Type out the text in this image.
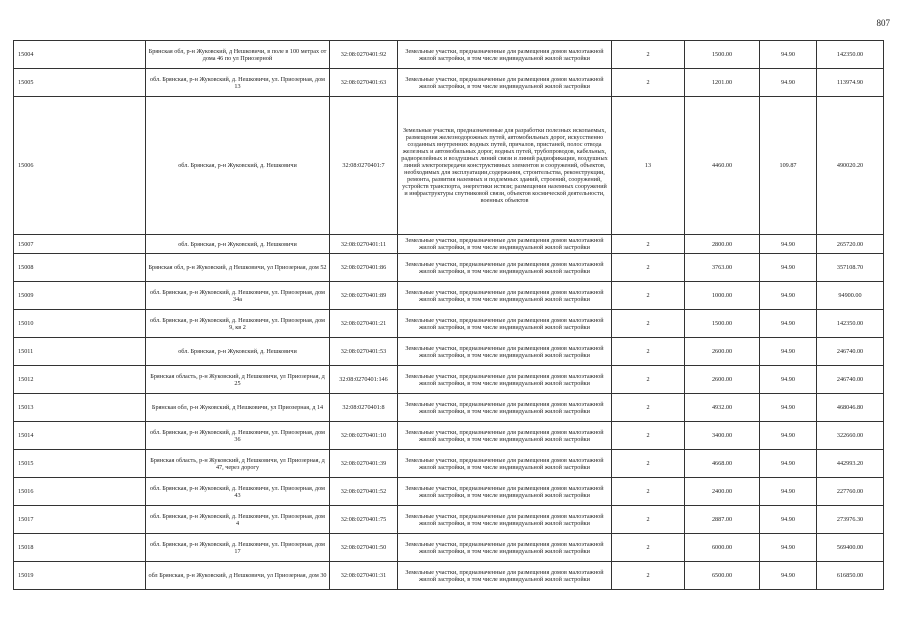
807
15004	Брянская обл, р-н Жуковский, д Нешковичи, в поле в 100 метрах от дома 46 по ул Приозерной	32:08:0270401:92	Земельные участки, предназначенные для размещения домов малоэтажной жилой застройки, в том числе индивидуальной жилой застройки	2	1500.00	94.90	142350.00
15005	обл. Брянская, р-н Жуковский, д. Нешковичи, ул. Приозерная, дом 13	32:08:0270401:63	Земельные участки, предназначенные для размещения домов малоэтажной жилой застройки, в том числе индивидуальной жилой застройки	2	1201.00	94.90	113974.90
15006	обл. Брянская, р-н Жуковский, д. Нешковичи	32:08:0270401:7	Земельные участки, предназначенные для разработки полезных ископаемых, размещения железнодорожных путей, автомобильных дорог, искусственно созданных внутренних водных путей, причалов, пристаней, полос отвода железных и автомобильных дорог, водных путей, трубопроводов, кабельных, радиорелейных и воздушных линий связи и линий радиофикации, воздушных линий электропередачи конструктивных элементов и сооружений, объектов, необходимых для эксплуатации,содержания, строительства, реконструкции, ремонта, развития наземных и подземных зданий, строений, сооружений, устройств транспорта, энергетики истязи; размещения наземных сооружений и инфраструктуры спутниковой связи, объектов космической деятельности, военных объектов	13	4460.00	109.87	490020.20
15007	обл. Брянская, р-н Жуковский, д. Нешковичи	32:08:0270401:11	Земельные участки, предназначенные для размещения домов малоэтажной жилой застройки, в том числе индивидуальной жилой застройки	2	2800.00	94.90	265720.00
15008	Брянская обл, р-н Жуковский, д Нешковичи, ул Приозерная, дом 52	32:08:0270401:86	Земельные участки, предназначенные для размещения домов малоэтажной жилой застройки, в том числе индивидуальной жилой застройки	2	3763.00	94.90	357108.70
15009	обл. Брянская, р-н Жуковский, д. Нешковичи, ул. Приозерная, дом 34а	32:08:0270401:89	Земельные участки, предназначенные для размещения домов малоэтажной жилой застройки, в том числе индивидуальной жилой застройки	2	1000.00	94.90	94900.00
15010	обл. Брянская, р-н Жуковский, д. Нешковичи, ул. Приозерная, дом 9, кв 2	32:08:0270401:21	Земельные участки, предназначенные для размещения домов малоэтажной жилой застройки, в том числе индивидуальной жилой застройки	2	1500.00	94.90	142350.00
15011	обл. Брянская, р-н Жуковский, д. Нешковичи	32:08:0270401:53	Земельные участки, предназначенные для размещения домов малоэтажной жилой застройки, в том числе индивидуальной жилой застройки	2	2600.00	94.90	246740.00
15012	Брянская область, р-н Жуковский, д Нешковичи, ул Приозерная, д 25	32:08:0270401:146	Земельные участки, предназначенные для размещения домов малоэтажной жилой застройки, в том числе индивидуальной жилой застройки	2	2600.00	94.90	246740.00
15013	Брянская обл, р-н Жуковский, д Нешковичи, ул Приозерная, д 14	32:08:0270401:8	Земельные участки, предназначенные для размещения домов малоэтажной жилой застройки, в том числе индивидуальной жилой застройки	2	4932.00	94.90	468046.80
15014	обл. Брянская, р-н Жуковский, д. Нешковичи, ул. Приозерная, дом 36	32:08:0270401:10	Земельные участки, предназначенные для размещения домов малоэтажной жилой застройки, в том числе индивидуальной жилой застройки	2	3400.00	94.90	322660.00
15015	Брянская область, р-н Жуковский, д Нешковичи, ул Приозерная, д 47, через дорогу	32:08:0270401:39	Земельные участки, предназначенные для размещения домов малоэтажной жилой застройки, в том числе индивидуальной жилой застройки	2	4668.00	94.90	442993.20
15016	обл. Брянская, р-н Жуковский, д. Нешковичи, ул. Приозерная, дом 43	32:08:0270401:52	Земельные участки, предназначенные для размещения домов малоэтажной жилой застройки, в том числе индивидуальной жилой застройки	2	2400.00	94.90	227760.00
15017	обл. Брянская, р-н Жуковский, д. Нешковичи, ул. Приозерная, дом 4	32:08:0270401:75	Земельные участки, предназначенные для размещения домов малоэтажной жилой застройки, в том числе индивидуальной жилой застройки	2	2887.00	94.90	273976.30
15018	обл. Брянская, р-н Жуковский, д. Нешковичи, ул. Приозерная, дом 17	32:08:0270401:50	Земельные участки, предназначенные для размещения домов малоэтажной жилой застройки, в том числе индивидуальной жилой застройки	2	6000.00	94.90	569400.00
15019	обл Брянская, р-н Жуковский, д Нешковичи, ул Приозерная, дом 30	32:08:0270401:31	Земельные участки, предназначенные для размещения домов малоэтажной жилой застройки, в том числе индивидуальной жилой застройки	2	6500.00	94.90	616850.00
